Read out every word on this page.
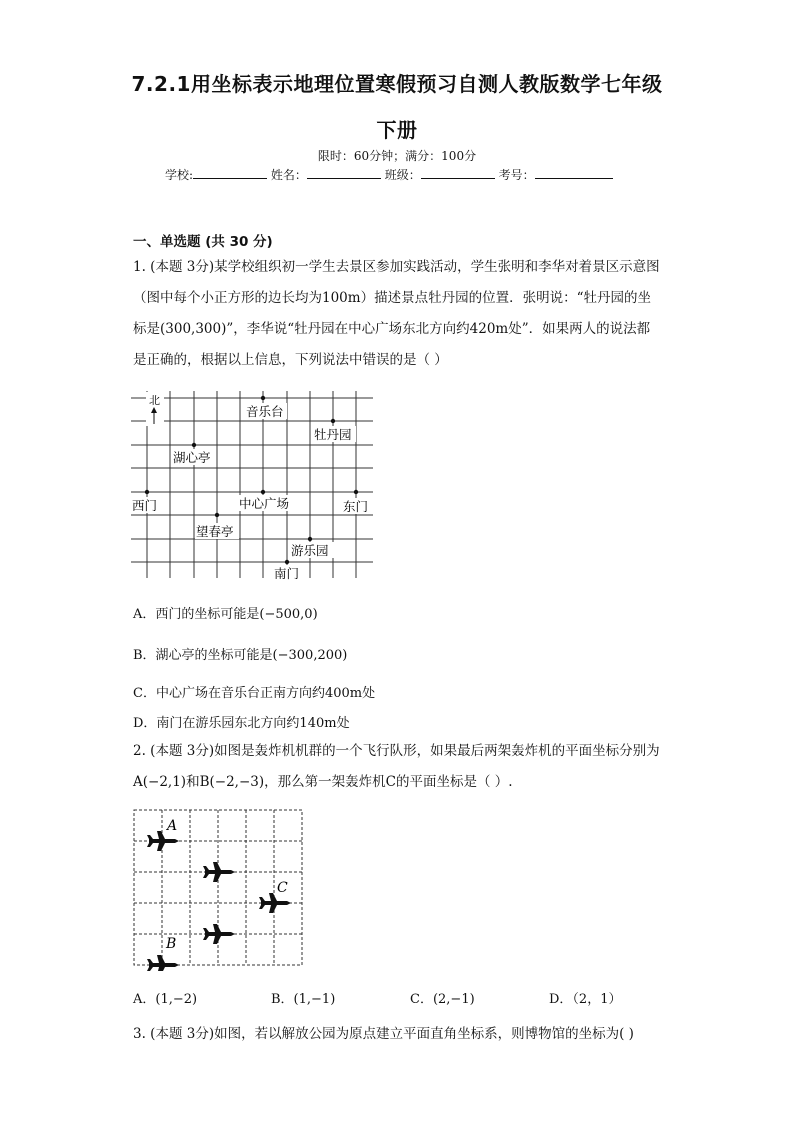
7.2.1用坐标表示地理位置寒假预习自测人教版数学七年级
下册
限时：60分钟；满分：100分
学校:	姓名：	班级：	考号：
一、单选题 (共 30 分)
1. (本题 3分)某学校组织初一学生去景区参加实践活动，学生张明和李华对着景区示意图（图中每个小正方形的边长均为100m）描述景点牡丹园的位置．张明说：“牡丹园的坐标是(300,300)”，李华说“牡丹园在中心广场东北方向约420m处”．如果两人的说法都是正确的，根据以上信息，下列说法中错误的是（ ）
北
音乐台
牡丹园
湖心亭
西门	中心广场	东门
望春亭
游乐园
南门
A．西门的坐标可能是(−500,0)
B．湖心亭的坐标可能是(−300,200)
C．中心广场在音乐台正南方向约400m处
D．南门在游乐园东北方向约140m处
2. (本题 3分)如图是轰炸机机群的一个飞行队形，如果最后两架轰炸机的平面坐标分别为A(−2,1)和B(−2,−3)，那么第一架轰炸机C的平面坐标是（ ）.
A
C
B
A．(1,−2)	B．(1,−1)	C．(2,−1)	D．（2，1）
3. (本题 3分)如图，若以解放公园为原点建立平面直角坐标系，则博物馆的坐标为( )
